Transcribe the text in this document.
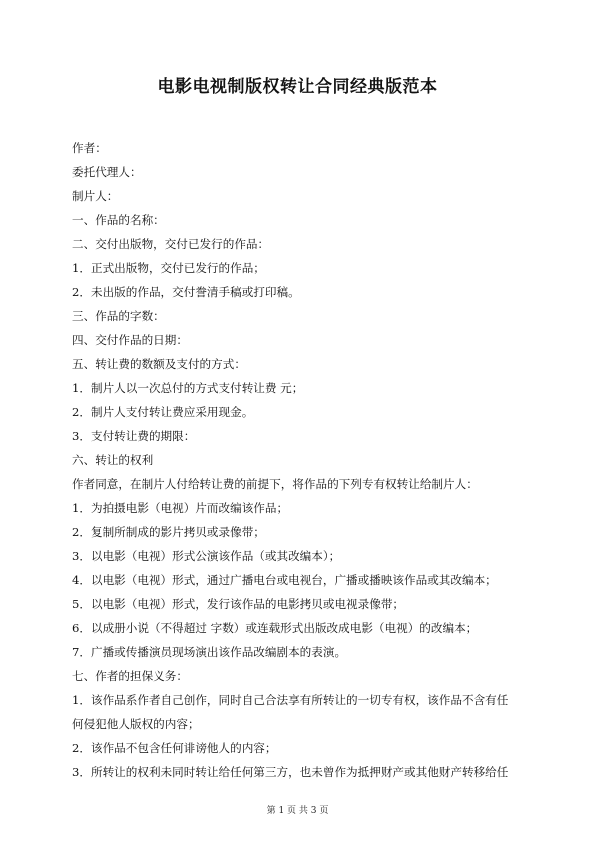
电影电视制版权转让合同经典版范本
作者：
委托代理人：
制片人：
一、作品的名称：
二、交付出版物，交付已发行的作品：
1．正式出版物，交付已发行的作品；
2．未出版的作品，交付誊清手稿或打印稿。
三、作品的字数：
四、交付作品的日期：
五、转让费的数额及支付的方式：
1．制片人以一次总付的方式支付转让费 元；
2．制片人支付转让费应采用现金。
3．支付转让费的期限：
六、转让的权利
作者同意，在制片人付给转让费的前提下，将作品的下列专有权转让给制片人：
1．为拍摄电影（电视）片而改编该作品；
2．复制所制成的影片拷贝或录像带；
3．以电影（电视）形式公演该作品（或其改编本）；
4．以电影（电视）形式，通过广播电台或电视台，广播或播映该作品或其改编本；
5．以电影（电视）形式，发行该作品的电影拷贝或电视录像带；
6．以成册小说（不得超过 字数）或连载形式出版改成电影（电视）的改编本；
7．广播或传播演员现场演出该作品改编剧本的表演。
七、作者的担保义务：
1．该作品系作者自己创作，同时自己合法享有所转让的一切专有权，该作品不含有任
何侵犯他人版权的内容；
2．该作品不包含任何诽谤他人的内容；
3．所转让的权利未同时转让给任何第三方，也未曾作为抵押财产或其他财产转移给任
第 1 页 共 3 页
